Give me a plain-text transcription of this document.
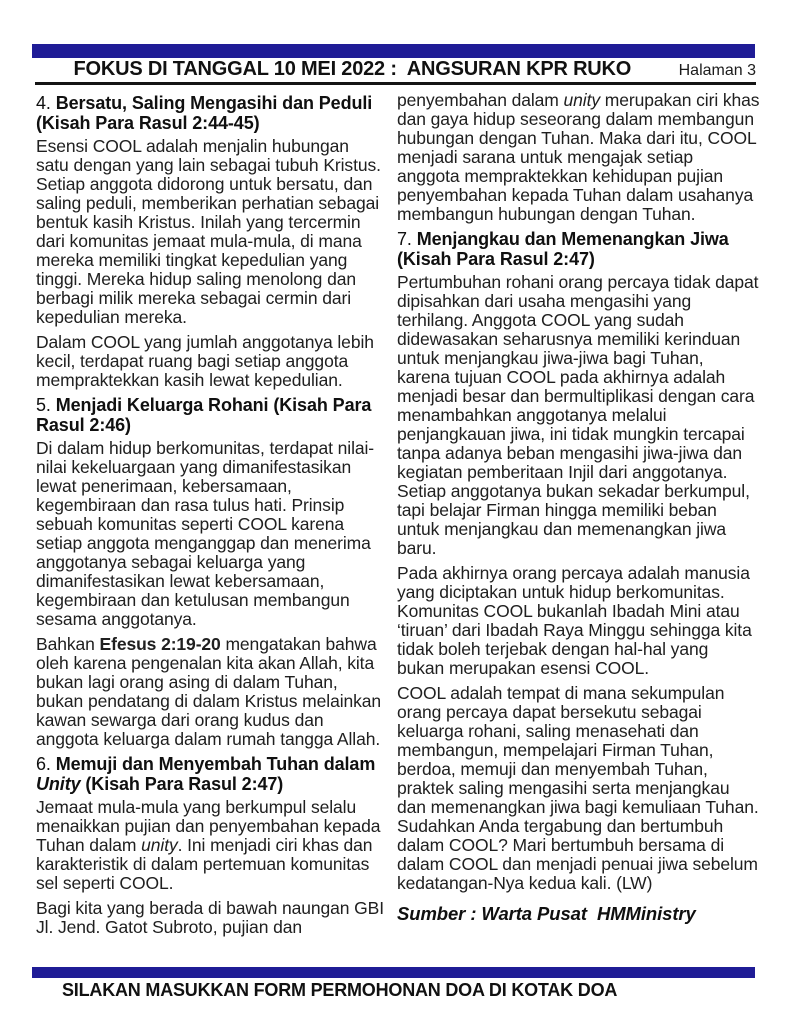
FOKUS DI TANGGAL 10 MEI 2022 :  ANGSURAN KPR RUKO	Halaman 3
4. Bersatu, Saling Mengasihi dan Peduli (Kisah Para Rasul 2:44-45)
Esensi COOL adalah menjalin hubungan satu dengan yang lain sebagai tubuh Kristus. Setiap anggota didorong untuk bersatu, dan saling peduli, memberikan perhatian sebagai bentuk kasih Kristus. Inilah yang tercermin dari komunitas jemaat mula-mula, di mana mereka memiliki tingkat kepedulian yang tinggi. Mereka hidup saling menolong dan berbagi milik mereka sebagai cermin dari kepedulian mereka.
Dalam COOL yang jumlah anggotanya lebih kecil, terdapat ruang bagi setiap anggota mempraktekkan kasih lewat kepedulian.
5. Menjadi Keluarga Rohani (Kisah Para Rasul 2:46)
Di dalam hidup berkomunitas, terdapat nilai-nilai kekeluargaan yang dimanifestasikan lewat penerimaan, kebersamaan, kegembiraan dan rasa tulus hati. Prinsip sebuah komunitas seperti COOL karena setiap anggota menganggap dan menerima anggotanya sebagai keluarga yang dimanifestasikan lewat kebersamaan, kegembiraan dan ketulusan membangun sesama anggotanya.
Bahkan Efesus 2:19-20 mengatakan bahwa oleh karena pengenalan kita akan Allah, kita bukan lagi orang asing di dalam Tuhan, bukan pendatang di dalam Kristus melainkan kawan sewarga dari orang kudus dan anggota keluarga dalam rumah tangga Allah.
6. Memuji dan Menyembah Tuhan dalam Unity (Kisah Para Rasul 2:47)
Jemaat mula-mula yang berkumpul selalu menaikkan pujian dan penyembahan kepada Tuhan dalam unity. Ini menjadi ciri khas dan karakteristik di dalam pertemuan komunitas sel seperti COOL.
Bagi kita yang berada di bawah naungan GBI Jl. Jend. Gatot Subroto, pujian dan
penyembahan dalam unity merupakan ciri khas dan gaya hidup seseorang dalam membangun hubungan dengan Tuhan. Maka dari itu, COOL menjadi sarana untuk mengajak setiap anggota mempraktekkan kehidupan pujian penyembahan kepada Tuhan dalam usahanya membangun hubungan dengan Tuhan.
7. Menjangkau dan Memenangkan Jiwa (Kisah Para Rasul 2:47)
Pertumbuhan rohani orang percaya tidak dapat dipisahkan dari usaha mengasihi yang terhilang. Anggota COOL yang sudah didewasakan seharusnya memiliki kerinduan untuk menjangkau jiwa-jiwa bagi Tuhan, karena tujuan COOL pada akhirnya adalah menjadi besar dan bermultiplikasi dengan cara menambahkan anggotanya melalui penjangkauan jiwa, ini tidak mungkin tercapai tanpa adanya beban mengasihi jiwa-jiwa dan kegiatan pemberitaan Injil dari anggotanya. Setiap anggotanya bukan sekadar berkumpul, tapi belajar Firman hingga memiliki beban untuk menjangkau dan memenangkan jiwa baru.
Pada akhirnya orang percaya adalah manusia yang diciptakan untuk hidup berkomunitas. Komunitas COOL bukanlah Ibadah Mini atau ‘tiruan’ dari Ibadah Raya Minggu sehingga kita tidak boleh terjebak dengan hal-hal yang bukan merupakan esensi COOL.
COOL adalah tempat di mana sekumpulan orang percaya dapat bersekutu sebagai keluarga rohani, saling menasehati dan membangun, mempelajari Firman Tuhan, berdoa, memuji dan menyembah Tuhan, praktek saling mengasihi serta menjangkau dan memenangkan jiwa bagi kemuliaan Tuhan. Sudahkan Anda tergabung dan bertumbuh dalam COOL? Mari bertumbuh bersama di dalam COOL dan menjadi penuai jiwa sebelum kedatangan-Nya kedua kali. (LW)
Sumber : Warta Pusat  HMMinistry
SILAKAN MASUKKAN FORM PERMOHONAN DOA DI KOTAK DOA
